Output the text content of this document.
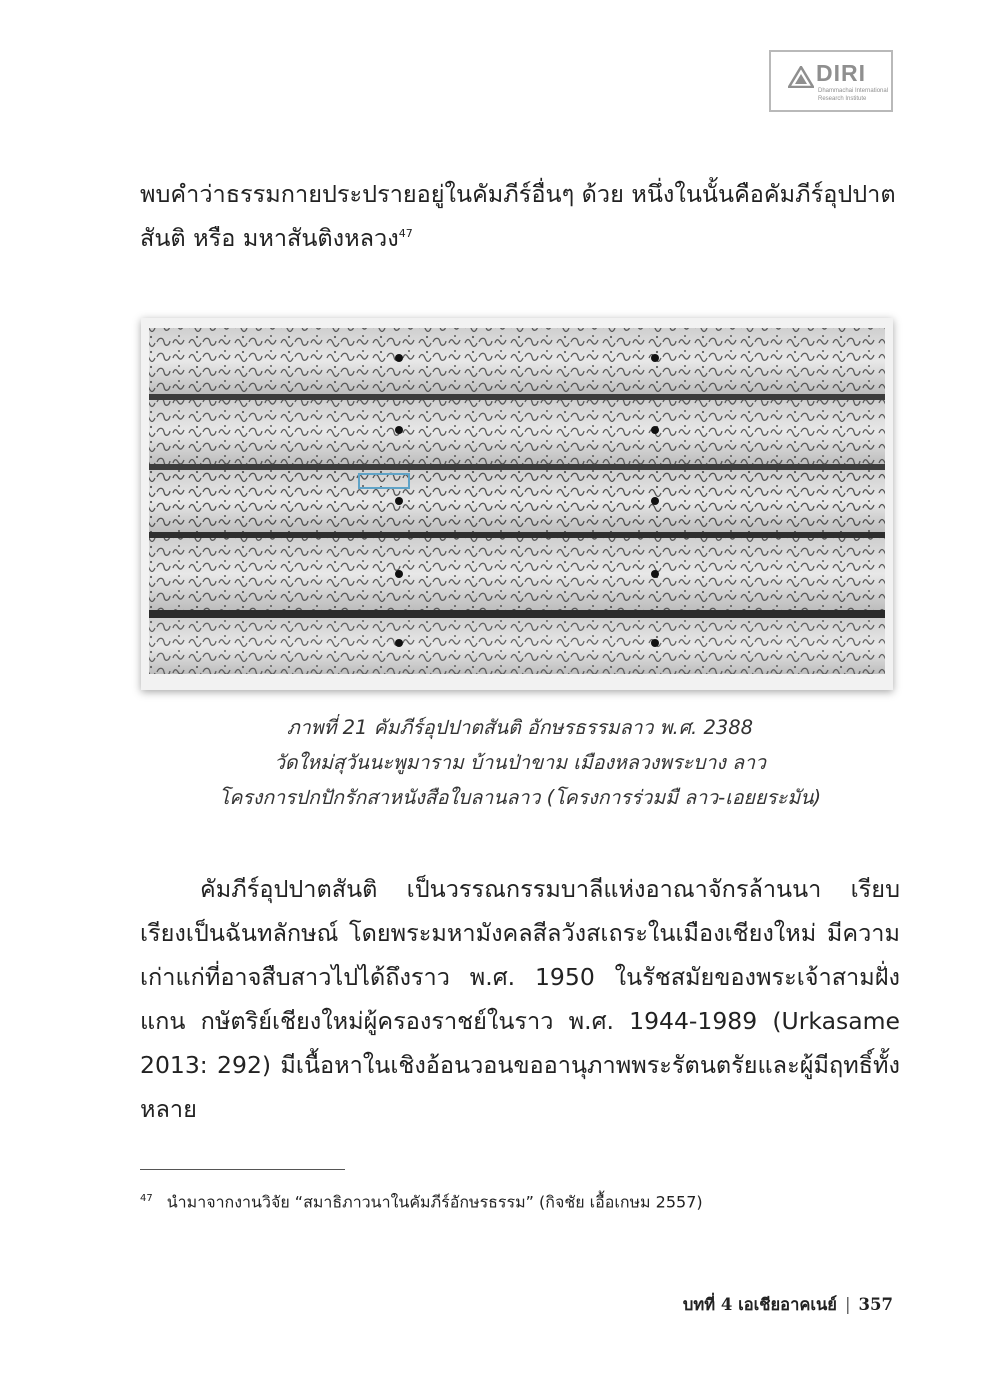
DIRI
Dhammachai International
Research Institute

พบคำว่าธรรมกายประปรายอยู่ในคัมภีร์อื่นๆ ด้วย หนึ่งในนั้นคือคัมภีร์อุปปาต สันติ หรือ มหาสันติงหลวง$^{47}$

ภาพที่ 21 คัมภีร์อุปปาตสันติ อักษรธรรมลาว พ.ศ. 2388
วัดใหม่สุวันนะพูมาราม บ้านป่าขาม เมืองหลวงพระบาง ลาว
โครงการปกปักรักสาหนังสือใบลานลาว (โครงการร่วมมื ลาว-เอยยระมัน)

คัมภีร์อุปปาตสันติ เป็นวรรณกรรมบาลีแห่งอาณาจักรล้านนา เรียบเรียงเป็นฉันทลักษณ์ โดยพระมหามังคลสีลวังสเถระในเมืองเชียงใหม่ มีความเก่าแก่ที่อาจสืบสาวไปได้ถึงราว พ.ศ. 1950 ในรัชสมัยของพระเจ้าสามฝั่งแกน กษัตริย์เชียงใหม่ผู้ครองราชย์ในราว พ.ศ. 1944-1989 (Urkasame 2013: 292) มีเนื้อหาในเชิงอ้อนวอนขออานุภาพพระรัตนตรัยและผู้มีฤทธิ์ทั้งหลาย

$^{47}$ นำมาจากงานวิจัย “สมาธิภาวนาในคัมภีร์อักษรธรรม” (กิจชัย เอื้อเกษม 2557)
บทที่ 4 เอเชียอาคเนย์ | 357
